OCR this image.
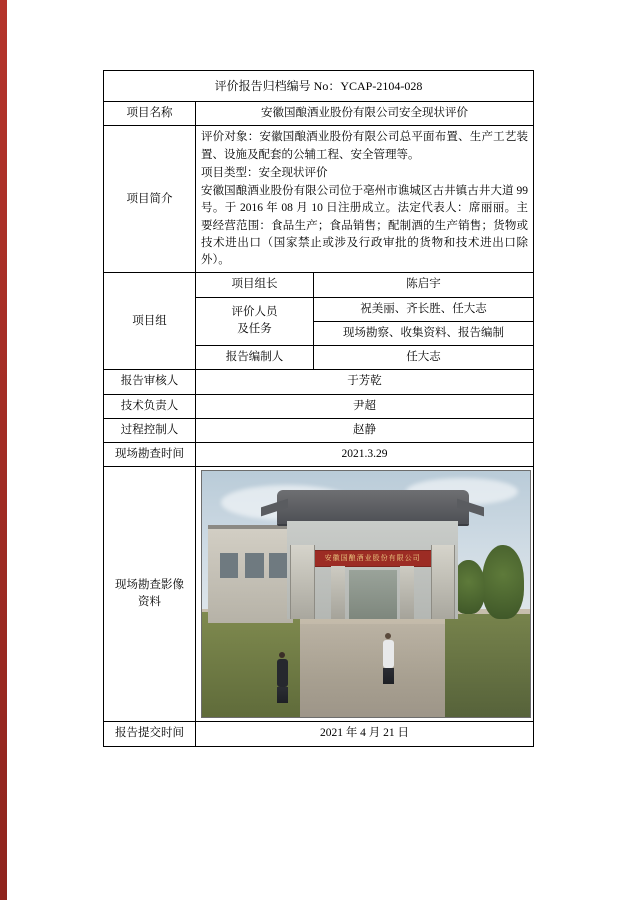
评价报告归档编号 No：YCAP-2104-028		
项目名称	安徽国酿酒业股份有限公司安全现状评价	
项目简介	评价对象：安徽国酿酒业股份有限公司总平面布置、生产工艺装置、设施及配套的公辅工程、安全管理等。

项目类型：安全现状评价

安徽国酿酒业股份有限公司位于亳州市谯城区古井镇古井大道 99 号。于 2016 年 08 月 10 日注册成立。法定代表人：席丽丽。主要经营范围：食品生产；食品销售；配制酒的生产销售；货物或技术进出口（国家禁止或涉及行政审批的货物和技术进出口除外）。	

项目组	项目组长	陈启宇

	评价人员
及任务	祝美丽、齐长胜、任大志
		现场勘察、收集资料、报告编制
	报告编制人	任大志
报告审核人	于芳乾	
技术负责人	尹超	
过程控制人	赵静	
现场勘查时间	2021.3.29	

现场勘查影像
资料	安徽国酿酒业股份有限公司	

报告提交时间	2021 年 4 月 21 日	
